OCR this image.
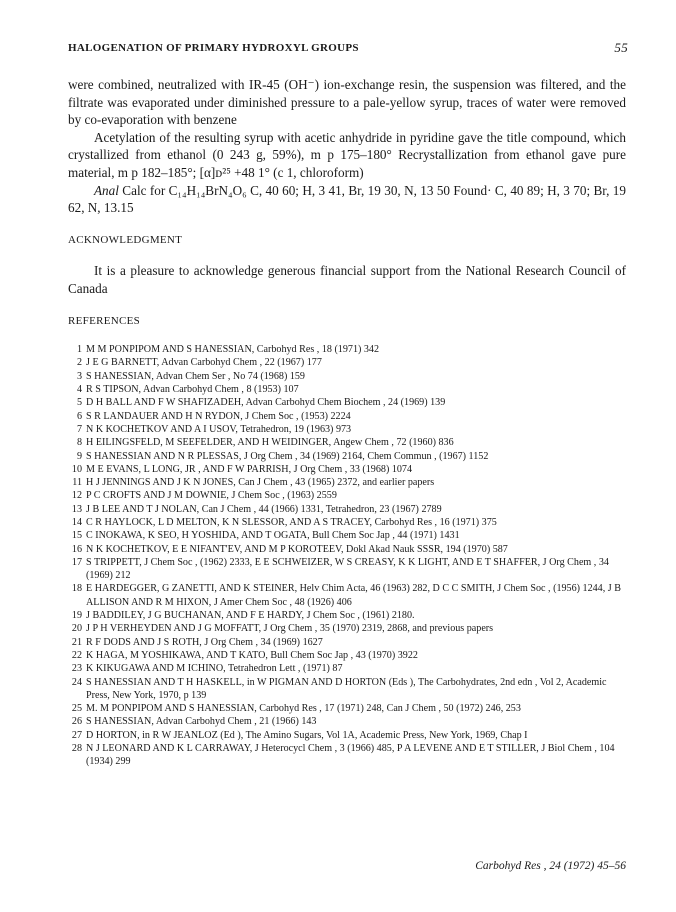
HALOGENATION OF PRIMARY HYDROXYL GROUPS	55

were combined, neutralized with IR-45 (OH⁻) ion-exchange resin, the suspension was filtered, and the filtrate was evaporated under diminished pressure to a pale-yellow syrup, traces of water were removed by co-evaporation with benzene

Acetylation of the resulting syrup with acetic anhydride in pyridine gave the title compound, which crystallized from ethanol (0 243 g, 59%), m p 175–180° Recrystallization from ethanol gave pure material, m p 182–185°; [α]ᴅ²⁵ +48 1° (c 1, chloroform)

Anal Calc for C₁₄H₁₄BrN₄O₆ C, 40 60; H, 3 41, Br, 19 30, N, 13 50 Found· C, 40 89; H, 3 70; Br, 19 62, N, 13.15

ACKNOWLEDGMENT

It is a pleasure to acknowledge generous financial support from the National Research Council of Canada

REFERENCES
1 M M PONPIPOM AND S HANESSIAN, Carbohyd Res , 18 (1971) 342
2 J E G BARNETT, Advan Carbohyd Chem , 22 (1967) 177
3 S HANESSIAN, Advan Chem Ser , No 74 (1968) 159
4 R S TIPSON, Advan Carbohyd Chem , 8 (1953) 107
5 D H BALL AND F W SHAFIZADEH, Advan Carbohyd Chem Biochem , 24 (1969) 139
6 S R LANDAUER AND H N RYDON, J Chem Soc , (1953) 2224
7 N K KOCHETKOV AND A I USOV, Tetrahedron, 19 (1963) 973
8 H EILINGSFELD, M SEEFELDER, AND H WEIDINGER, Angew Chem , 72 (1960) 836
9 S HANESSIAN AND N R PLESSAS, J Org Chem , 34 (1969) 2164, Chem Commun , (1967) 1152
10 M E EVANS, L LONG, JR , AND F W PARRISH, J Org Chem , 33 (1968) 1074
11 H J JENNINGS AND J K N JONES, Can J Chem , 43 (1965) 2372, and earlier papers
12 P C CROFTS AND J M DOWNIE, J Chem Soc , (1963) 2559
13 J B LEE AND T J NOLAN, Can J Chem , 44 (1966) 1331, Tetrahedron, 23 (1967) 2789
14 C R HAYLOCK, L D MELTON, K N SLESSOR, AND A S TRACEY, Carbohyd Res , 16 (1971) 375
15 C INOKAWA, K SEO, H YOSHIDA, AND T OGATA, Bull Chem Soc Jap , 44 (1971) 1431
16 N K KOCHETKOV, E E NIFANT'EV, AND M P KOROTEEV, Dokl Akad Nauk SSSR, 194 (1970) 587
17 S TRIPPETT, J Chem Soc , (1962) 2333, E E SCHWEIZER, W S CREASY, K K LIGHT, AND E T SHAFFER, J Org Chem , 34 (1969) 212
18 E HARDEGGER, G ZANETTI, AND K STEINER, Helv Chim Acta, 46 (1963) 282, D C C SMITH, J Chem Soc , (1956) 1244, J B ALLISON AND R M HIXON, J Amer Chem Soc , 48 (1926) 406
19 J BADDILEY, J G BUCHANAN, AND F E HARDY, J Chem Soc , (1961) 2180.
20 J P H VERHEYDEN AND J G MOFFATT, J Org Chem , 35 (1970) 2319, 2868, and previous papers
21 R F DODS AND J S ROTH, J Org Chem , 34 (1969) 1627
22 K HAGA, M YOSHIKAWA, AND T KATO, Bull Chem Soc Jap , 43 (1970) 3922
23 K KIKUGAWA AND M ICHINO, Tetrahedron Lett , (1971) 87
24 S HANESSIAN AND T H HASKELL, in W PIGMAN AND D HORTON (Eds ), The Carbohydrates, 2nd edn , Vol 2, Academic Press, New York, 1970, p 139
25 M. M PONPIPOM AND S HANESSIAN, Carbohyd Res , 17 (1971) 248, Can J Chem , 50 (1972) 246, 253
26 S HANESSIAN, Advan Carbohyd Chem , 21 (1966) 143
27 D HORTON, in R W JEANLOZ (Ed ), The Amino Sugars, Vol 1A, Academic Press, New York, 1969, Chap I
28 N J LEONARD AND K L CARRAWAY, J Heterocycl Chem , 3 (1966) 485, P A LEVENE AND E T STILLER, J Biol Chem , 104 (1934) 299
Carbohyd Res , 24 (1972) 45–56
